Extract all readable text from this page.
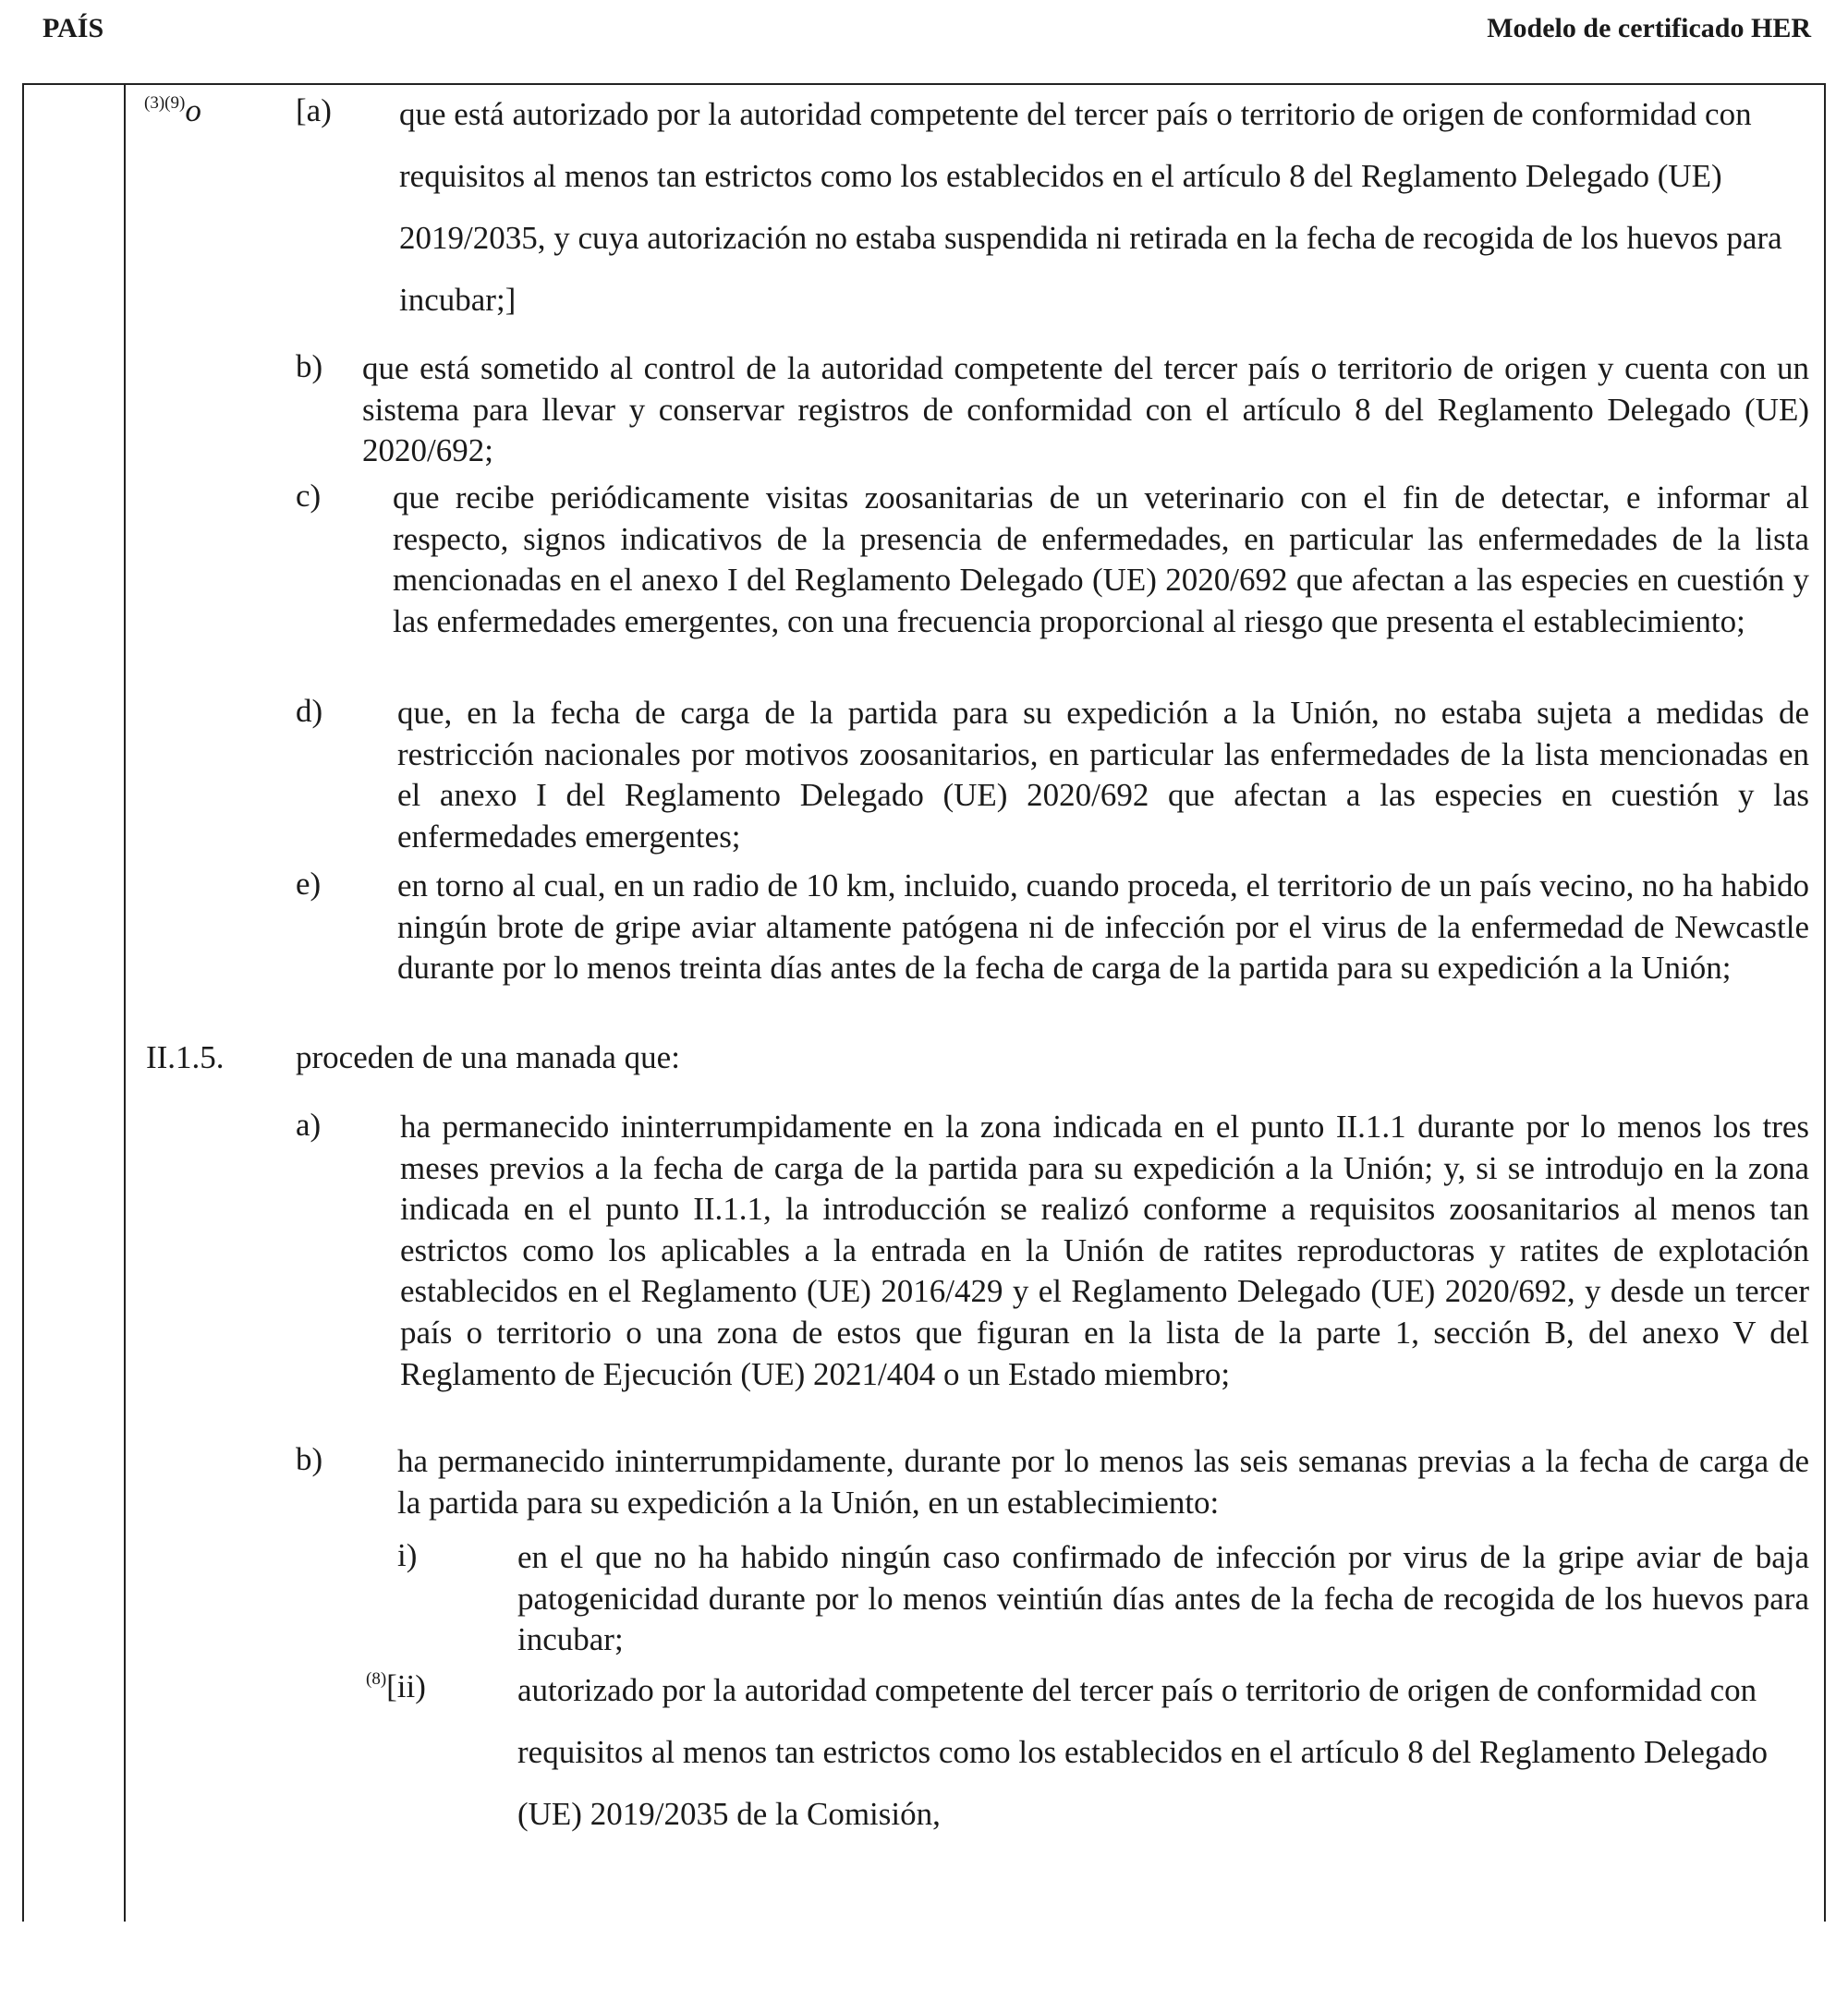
PAÍS	Modelo de certificado HER
$^{(3)(9)}$o	[a) que está autorizado por la autoridad competente del tercer país o territorio de origen de conformidad con requisitos al menos tan estrictos como los establecidos en el artículo 8 del Reglamento Delegado (UE) 2019/2035, y cuya autorización no estaba suspendida ni retirada en la fecha de recogida de los huevos para incubar;]
b) que está sometido al control de la autoridad competente del tercer país o territorio de origen y cuenta con un sistema para llevar y conservar registros de conformidad con el artículo 8 del Reglamento Delegado (UE) 2020/692;
c) que recibe periódicamente visitas zoosanitarias de un veterinario con el fin de detectar, e informar al respecto, signos indicativos de la presencia de enfermedades, en particular las enfermedades de la lista mencionadas en el anexo I del Reglamento Delegado (UE) 2020/692 que afectan a las especies en cuestión y las enfermedades emergentes, con una frecuencia proporcional al riesgo que presenta el establecimiento;
d) que, en la fecha de carga de la partida para su expedición a la Unión, no estaba sujeta a medidas de restricción nacionales por motivos zoosanitarios, en particular las enfermedades de la lista mencionadas en el anexo I del Reglamento Delegado (UE) 2020/692 que afectan a las especies en cuestión y las enfermedades emergentes;
e) en torno al cual, en un radio de 10 km, incluido, cuando proceda, el territorio de un país vecino, no ha habido ningún brote de gripe aviar altamente patógena ni de infección por el virus de la enfermedad de Newcastle durante por lo menos treinta días antes de la fecha de carga de la partida para su expedición a la Unión;
II.1.5. proceden de una manada que:
a) ha permanecido ininterrumpidamente en la zona indicada en el punto II.1.1 durante por lo menos los tres meses previos a la fecha de carga de la partida para su expedición a la Unión; y, si se introdujo en la zona indicada en el punto II.1.1, la introducción se realizó conforme a requisitos zoosanitarios al menos tan estrictos como los aplicables a la entrada en la Unión de ratites reproductoras y ratites de explotación establecidos en el Reglamento (UE) 2016/429 y el Reglamento Delegado (UE) 2020/692, y desde un tercer país o territorio o una zona de estos que figuran en la lista de la parte 1, sección B, del anexo V del Reglamento de Ejecución (UE) 2021/404 o un Estado miembro;
b) ha permanecido ininterrumpidamente, durante por lo menos las seis semanas previas a la fecha de carga de la partida para su expedición a la Unión, en un establecimiento:
i)	en el que no ha habido ningún caso confirmado de infección por virus de la gripe aviar de baja patogenicidad durante por lo menos veintiún días antes de la fecha de recogida de los huevos para incubar;
$^{(8)}$[ii)	autorizado por la autoridad competente del tercer país o territorio de origen de conformidad con requisitos al menos tan estrictos como los establecidos en el artículo 8 del Reglamento Delegado (UE) 2019/2035 de la Comisión,
